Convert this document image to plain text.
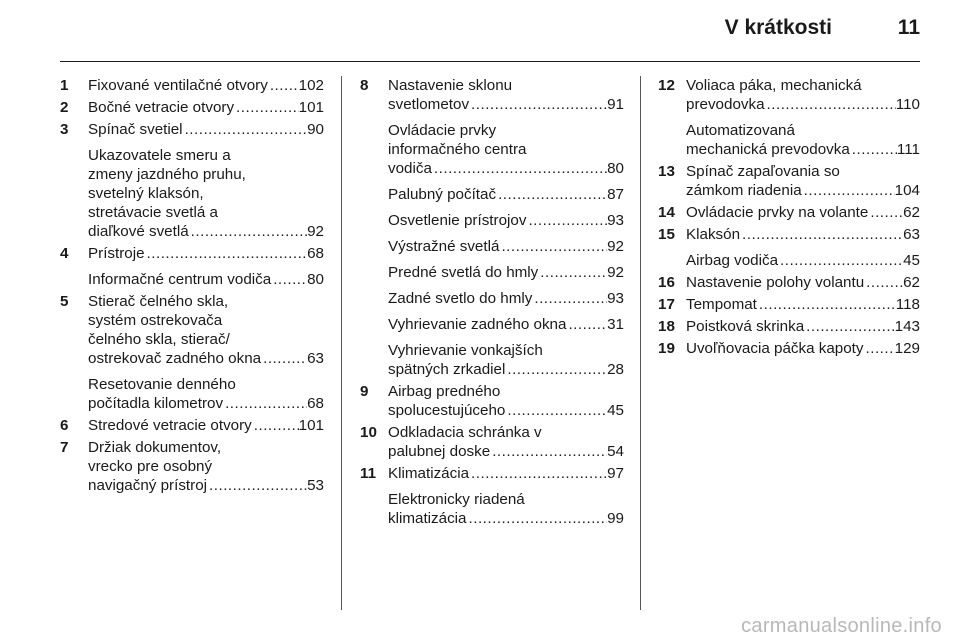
V krátkosti	11
1	Fixované ventilačné otvory ..... 102
2	Bočné vetracie otvory .....	101
3	Spínač svetiel .....	90
Ukazovatele smeru a
zmeny jazdného pruhu,
svetelný klaksón,
stretávacie svetlá a
diaľkové svetlá .....	92
4	Prístroje .....	68
Informačné centrum vodiča ..... 80
5	Stierač čelného skla,
systém ostrekovača
čelného skla, stierač/
ostrekovač zadného okna .....	63
Resetovanie denného
počítadla kilometrov .....	68
6	Stredové vetracie otvory .....	101
7	Držiak dokumentov,
vrecko pre osobný
navigačný prístroj .....	53
8	Nastavenie sklonu
svetlometov .....	91
Ovládacie prvky
informačného centra
vodiča .....	80
Palubný počítač .....	87
Osvetlenie prístrojov .....	93
Výstražné svetlá .....	92
Predné svetlá do hmly .....	92
Zadné svetlo do hmly .....	93
Vyhrievanie zadného okna .....	31
Vyhrievanie vonkajších
spätných zrkadiel .....	28
9	Airbag predného
spolucestujúceho .....	45
10 Odkladacia schránka v
palubnej doske .....	54
11 Klimatizácia .....	97
Elektronicky riadená
klimatizácia .....	99
12 Voliaca páka, mechanická
prevodovka .....	110
Automatizovaná
mechanická prevodovka .....	111
13 Spínač zapaľovania so
zámkom riadenia .....	104
14 Ovládacie prvky na volante ..... 62
15 Klaksón .....	63
Airbag vodiča .....	45
16 Nastavenie polohy volantu .....	62
17 Tempomat .....	118
18 Poistková skrinka .....	143
19 Uvoľňovacia páčka kapoty ..... 129
carmanualsonline.info
